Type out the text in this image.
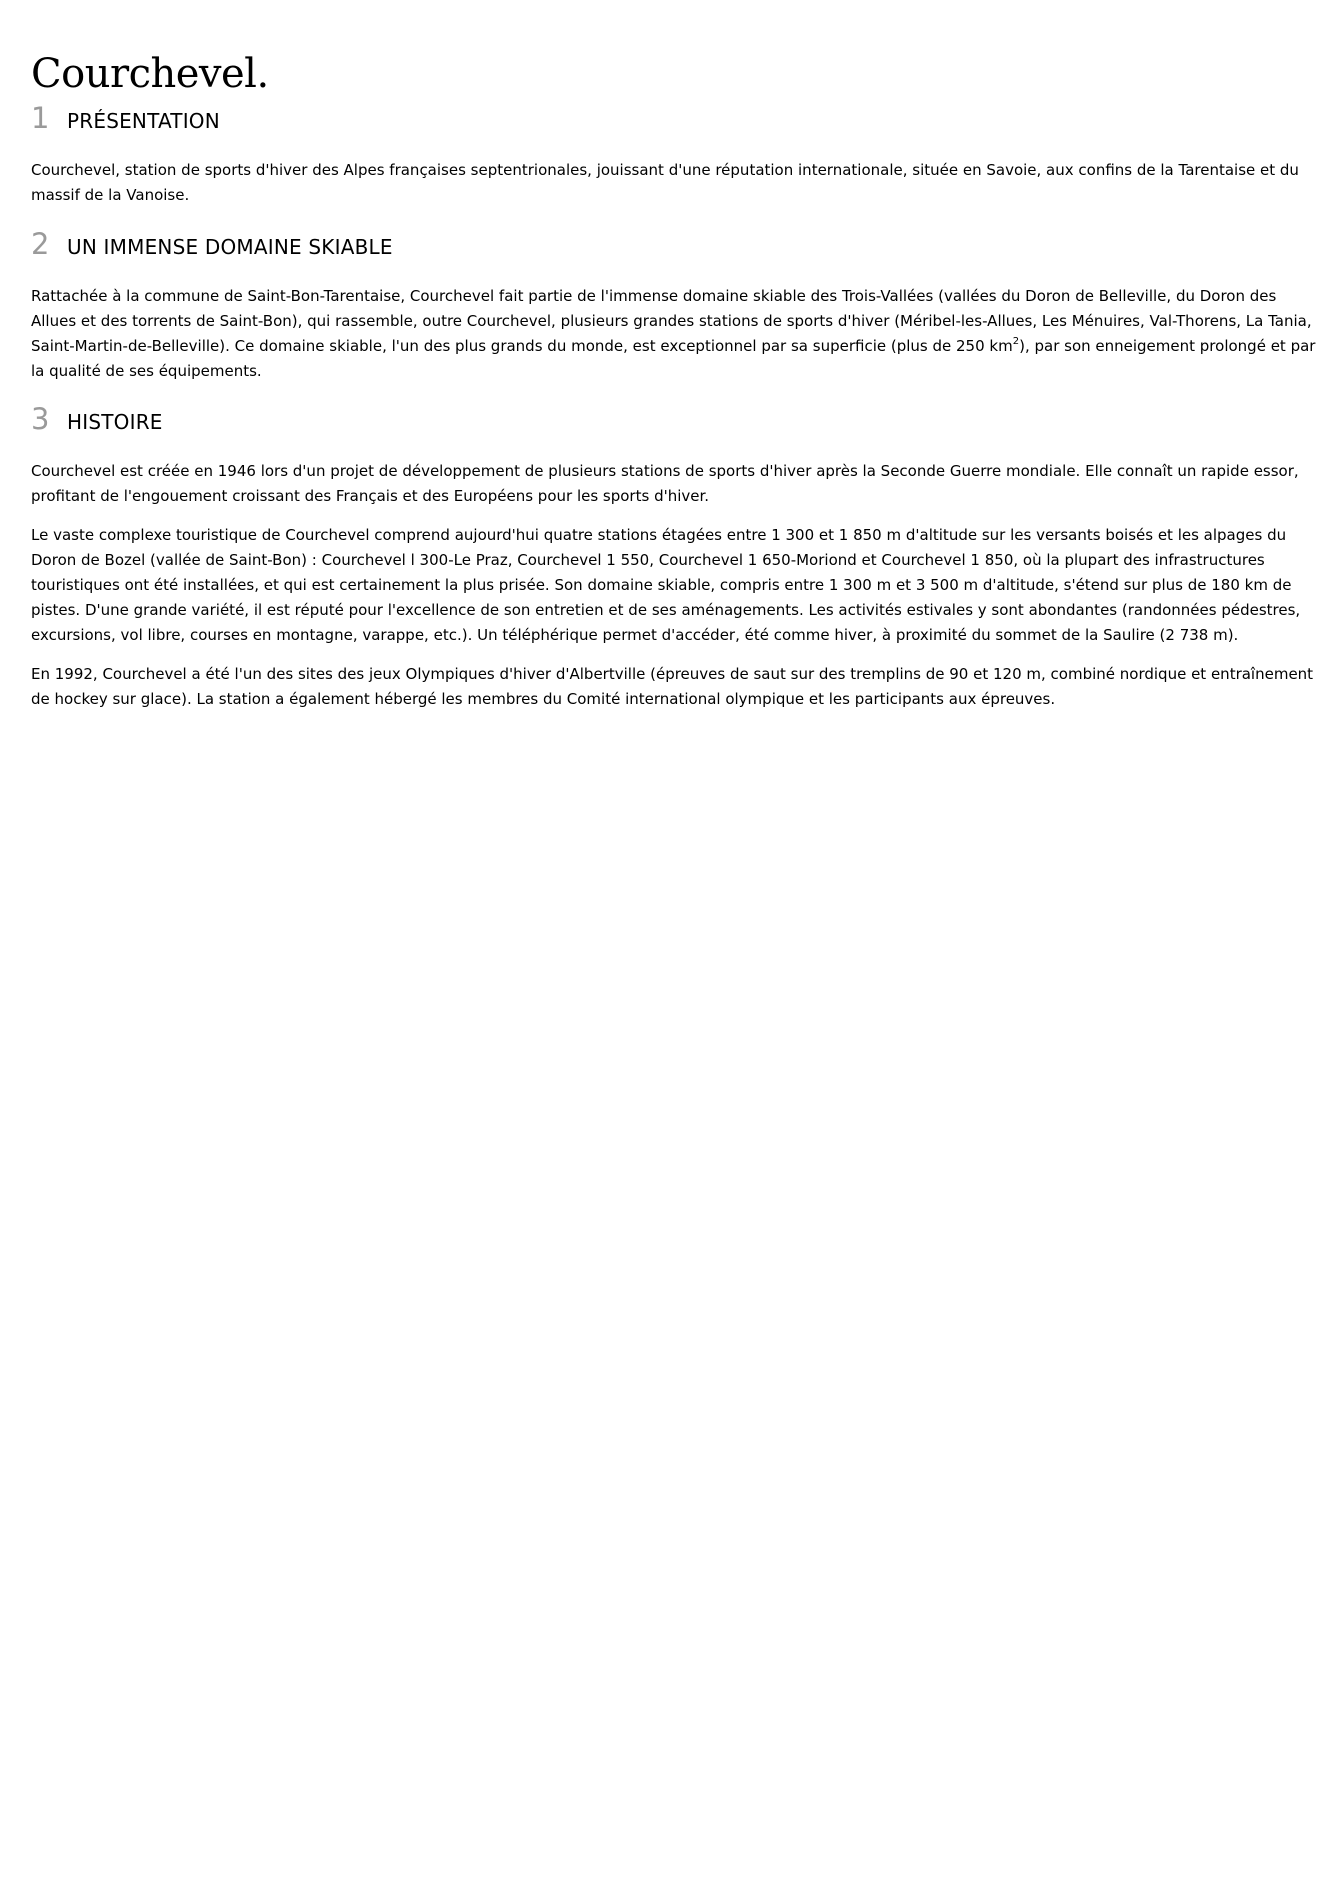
Courchevel.
1 PRÉSENTATION

Courchevel, station de sports d'hiver des Alpes françaises septentrionales, jouissant d'une réputation internationale, située en Savoie, aux confins de la Tarentaise et du massif de la Vanoise.

2 UN IMMENSE DOMAINE SKIABLE

Rattachée à la commune de Saint-Bon-Tarentaise, Courchevel fait partie de l'immense domaine skiable des Trois-Vallées (vallées du Doron de Belleville, du Doron des Allues et des torrents de Saint-Bon), qui rassemble, outre Courchevel, plusieurs grandes stations de sports d'hiver (Méribel-les-Allues, Les Ménuires, Val-Thorens, La Tania, Saint-Martin-de-Belleville). Ce domaine skiable, l'un des plus grands du monde, est exceptionnel par sa superficie (plus de 250 $km^2$), par son enneigement prolongé et par la qualité de ses équipements.

3 HISTOIRE

Courchevel est créée en 1946 lors d'un projet de développement de plusieurs stations de sports d'hiver après la Seconde Guerre mondiale. Elle connaît un rapide essor, profitant de l'engouement croissant des Français et des Européens pour les sports d'hiver.

Le vaste complexe touristique de Courchevel comprend aujourd'hui quatre stations étagées entre 1 300 et 1 850 m d'altitude sur les versants boisés et les alpages du Doron de Bozel (vallée de Saint-Bon) : Courchevel l 300-Le Praz, Courchevel 1 550, Courchevel 1 650-Moriond et Courchevel 1 850, où la plupart des infrastructures touristiques ont été installées, et qui est certainement la plus prisée. Son domaine skiable, compris entre 1 300 m et 3 500 m d'altitude, s'étend sur plus de 180 km de pistes. D'une grande variété, il est réputé pour l'excellence de son entretien et de ses aménagements. Les activités estivales y sont abondantes (randonnées pédestres, excursions, vol libre, courses en montagne, varappe, etc.). Un téléphérique permet d'accéder, été comme hiver, à proximité du sommet de la Saulire (2 738 m).

En 1992, Courchevel a été l'un des sites des jeux Olympiques d'hiver d'Albertville (épreuves de saut sur des tremplins de 90 et 120 m, combiné nordique et entraînement de hockey sur glace). La station a également hébergé les membres du Comité international olympique et les participants aux épreuves.
